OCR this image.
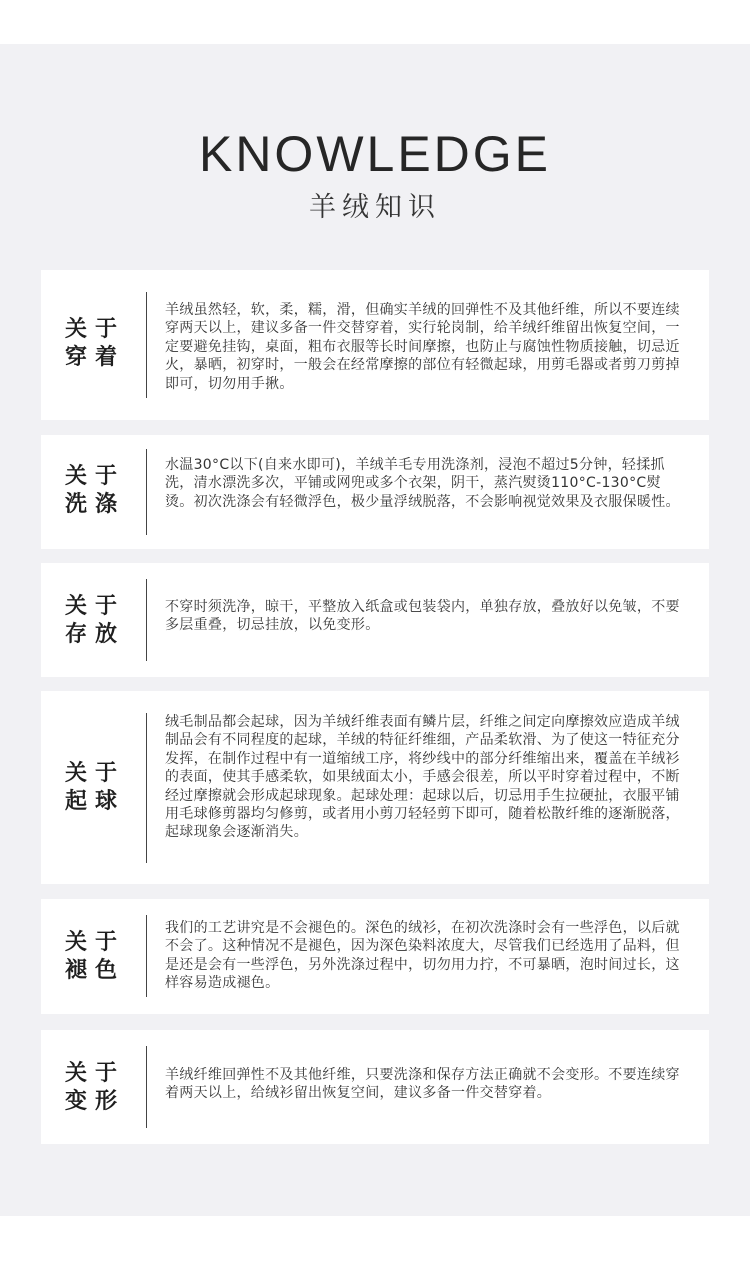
KNOWLEDGE
羊绒知识
关于
穿着
羊绒虽然轻，软，柔，糯，滑，但确实羊绒的回弹性不及其他纤维，所以不要连续穿两天以上，建议多备一件交替穿着，实行轮岗制，给羊绒纤维留出恢复空间，一定要避免挂钩，桌面，粗布衣服等长时间摩擦，也防止与腐蚀性物质接触，切忌近火，暴晒，初穿时，一般会在经常摩擦的部位有轻微起球，用剪毛器或者剪刀剪掉即可，切勿用手揪。
关于
洗涤
水温30°C以下(自来水即可)，羊绒羊毛专用洗涤剂，浸泡不超过5分钟，轻揉抓洗，清水漂洗多次，平铺或网兜或多个衣架，阴干，蒸汽熨烫110°C-130°C熨烫。初次洗涤会有轻微浮色，极少量浮绒脱落，不会影响视觉效果及衣服保暖性。
关于
存放
不穿时须洗净，晾干，平整放入纸盒或包装袋内，单独存放，叠放好以免皱，不要多层重叠，切忌挂放，以免变形。
关于
起球
绒毛制品都会起球，因为羊绒纤维表面有鳞片层，纤维之间定向摩擦效应造成羊绒制品会有不同程度的起球，羊绒的特征纤维细，产品柔软滑、为了使这一特征充分发挥，在制作过程中有一道缩绒工序，将纱线中的部分纤维缩出来，覆盖在羊绒衫的表面，使其手感柔软，如果绒面太小，手感会很差，所以平时穿着过程中，不断经过摩擦就会形成起球现象。起球处理：起球以后，切忌用手生拉硬扯，衣服平铺用毛球修剪器均匀修剪，或者用小剪刀轻轻剪下即可，随着松散纤维的逐渐脱落，起球现象会逐渐消失。
关于
褪色
我们的工艺讲究是不会褪色的。深色的绒衫，在初次洗涤时会有一些浮色，以后就不会了。这种情况不是褪色，因为深色染料浓度大，尽管我们已经选用了品料，但是还是会有一些浮色，另外洗涤过程中，切勿用力拧，不可暴晒，泡时间过长，这样容易造成褪色。
关于
变形
羊绒纤维回弹性不及其他纤维，只要洗涤和保存方法正确就不会变形。不要连续穿着两天以上，给绒衫留出恢复空间，建议多备一件交替穿着。
